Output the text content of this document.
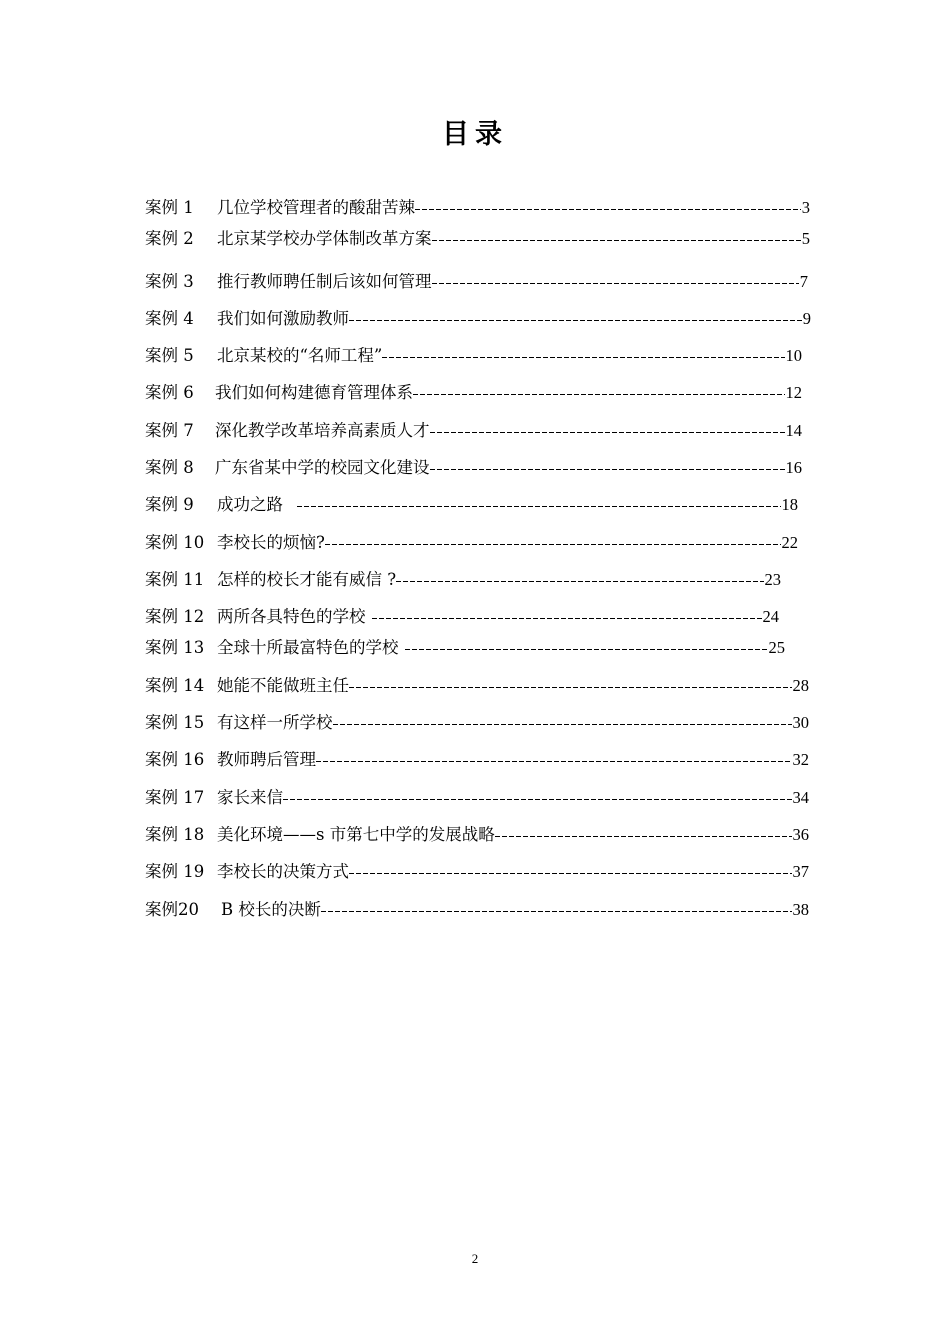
目录
案例 1	几位学校管理者的酸甜苦辣	3
案例 2	北京某学校办学体制改革方案	5
案例 3	推行教师聘任制后该如何管理	7
案例 4	我们如何激励教师	9
案例 5	北京某校的“名师工程”	10
案例 6	我们如何构建德育管理体系	12
案例 7	深化教学改革培养高素质人才	14
案例 8	广东省某中学的校园文化建设	16
案例 9	成功之路	18
案例 10 李校长的烦恼?	22
案例 11 怎样的校长才能有威信 ?	23
案例 12 两所各具特色的学校	24
案例 13 全球十所最富特色的学校	25
案例 14 她能不能做班主任	28
案例 15 有这样一所学校	30
案例 16 教师聘后管理	32
案例 17 家长来信	34
案例 18 美化环境——s 市第七中学的发展战略	36
案例 19 李校长的决策方式	37
案例20	B 校长的决断	38
2
